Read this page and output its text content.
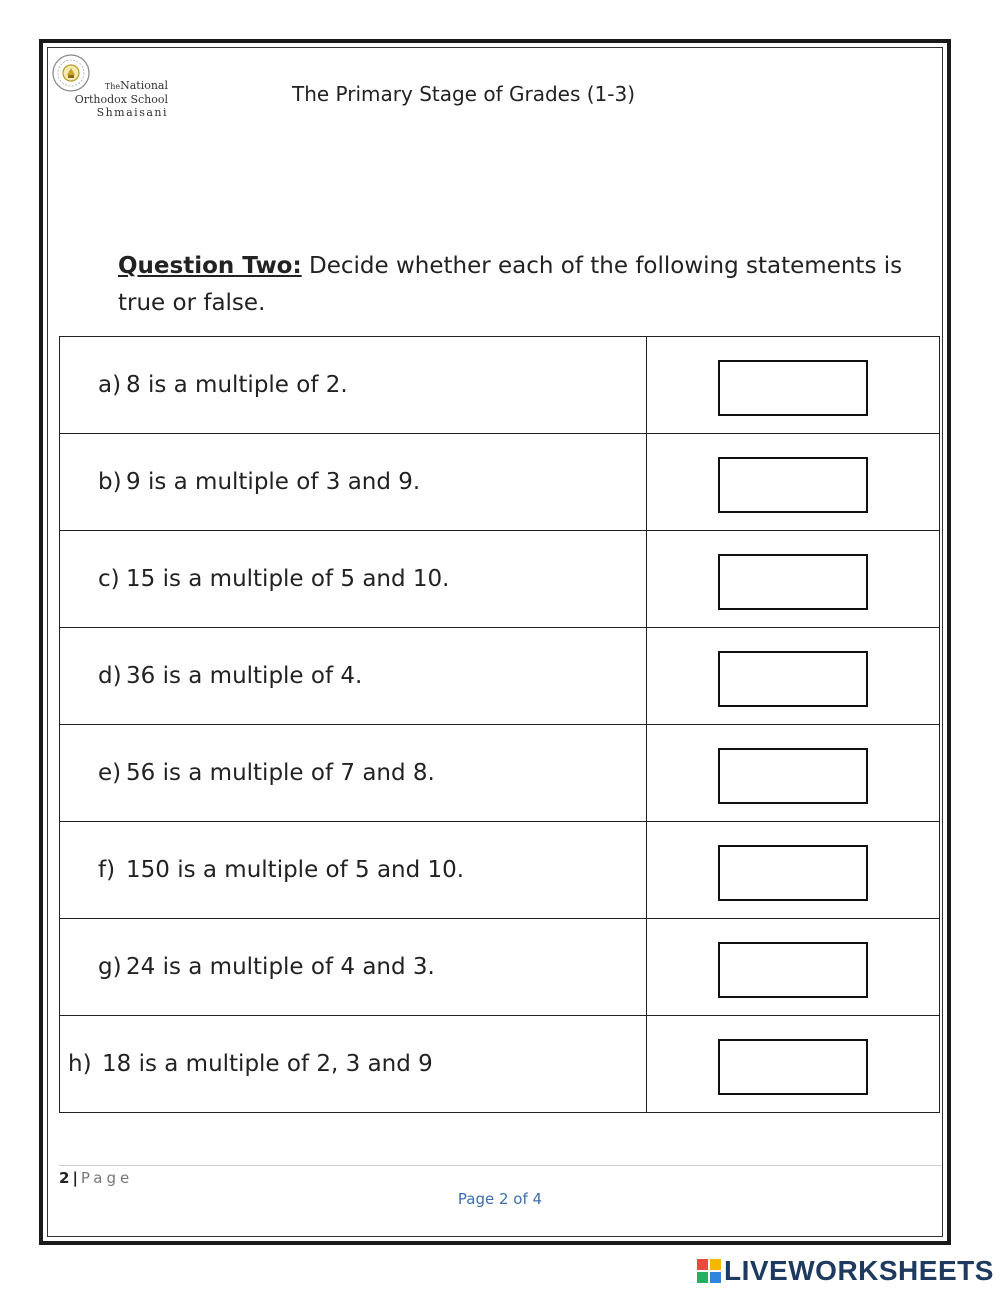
TheNational
Orthodox School
Shmaisani
The Primary Stage of Grades (1-3)
Question Two: Decide whether each of the following statements is true or false.
a) 8 is a multiple of 2.	

b) 9 is a multiple of 3 and 9.	

c) 15 is a multiple of 5 and 10.	

d) 36 is a multiple of 4.	

e) 56 is a multiple of 7 and 8.	

f) 150 is a multiple of 5 and 10.	

g) 24 is a multiple of 4 and 3.	

h) 18 is a multiple of 2, 3 and 9	

2 | Page
Page 2 of 4
LIVEWORKSHEETS
